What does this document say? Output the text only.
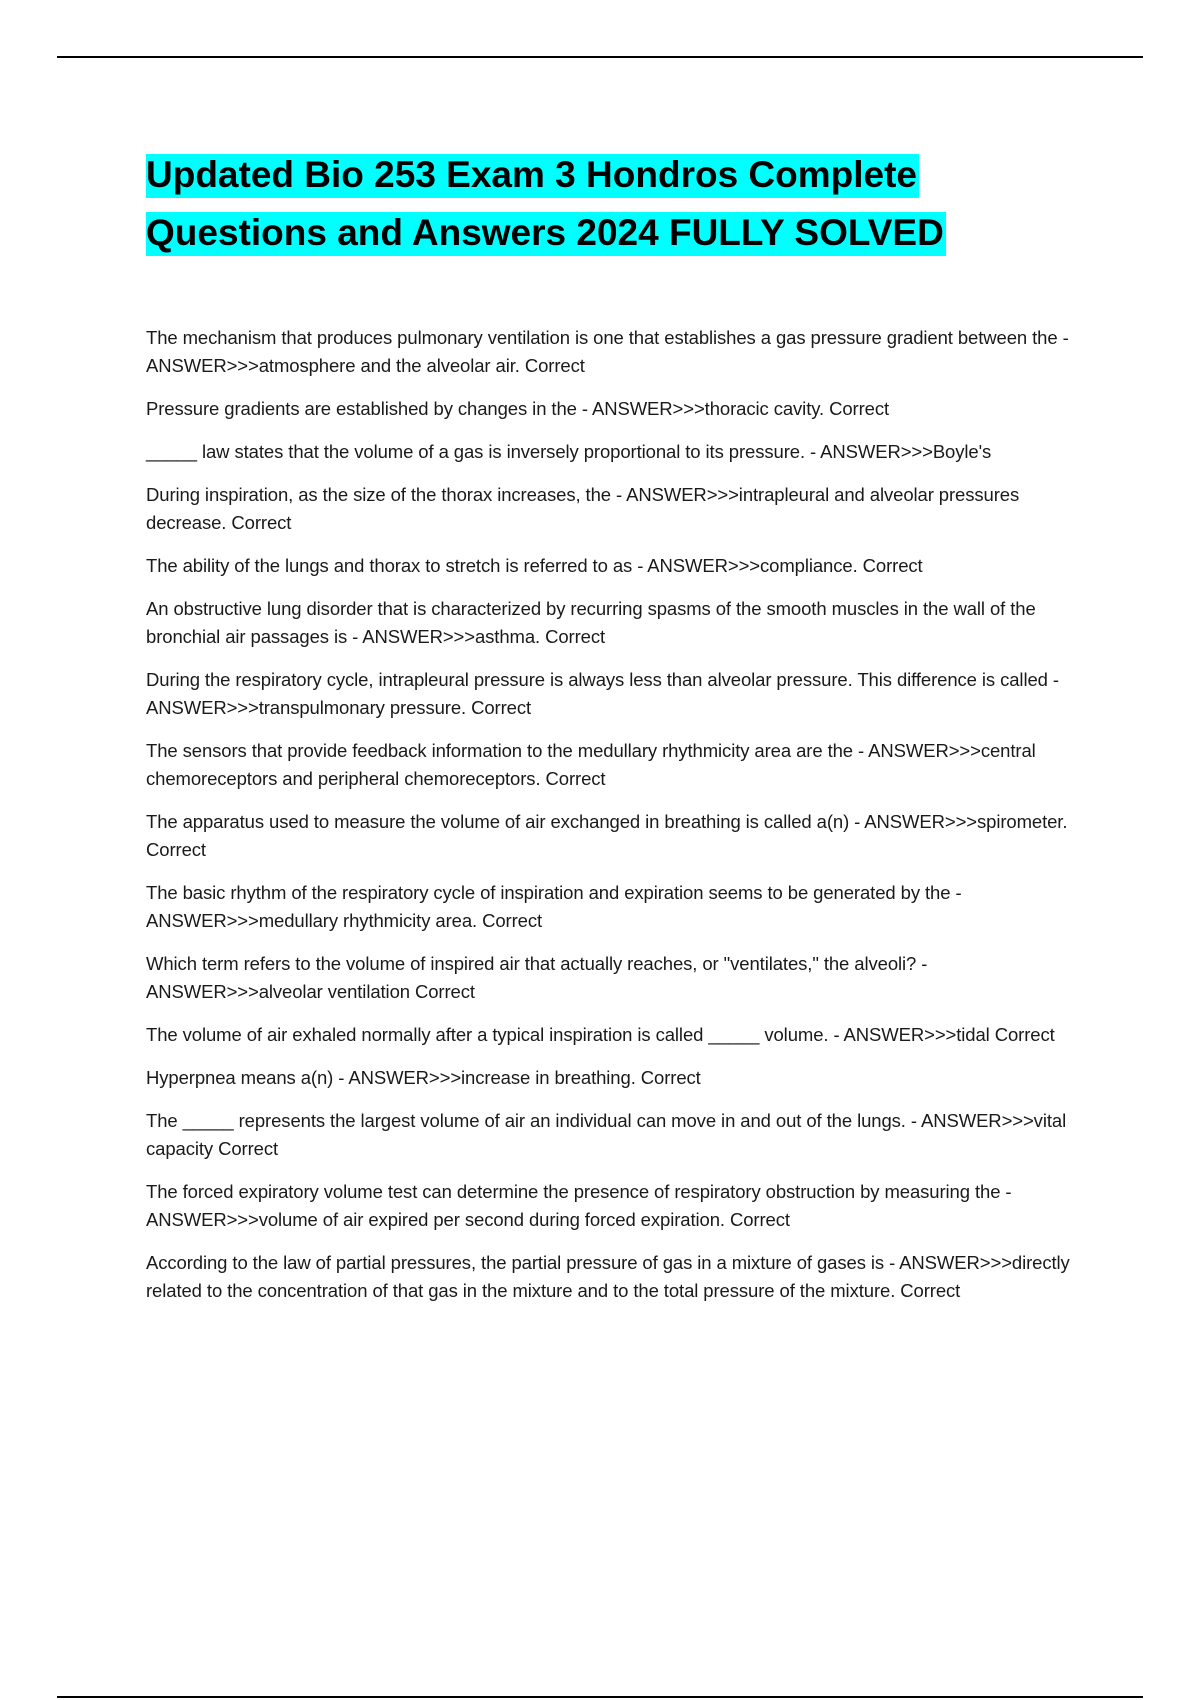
Updated Bio 253 Exam 3 Hondros Complete Questions and Answers 2024 FULLY SOLVED

The mechanism that produces pulmonary ventilation is one that establishes a gas pressure gradient between the - ANSWER>>>atmosphere and the alveolar air. Correct

Pressure gradients are established by changes in the - ANSWER>>>thoracic cavity. Correct

_____ law states that the volume of a gas is inversely proportional to its pressure. - ANSWER>>>Boyle's

During inspiration, as the size of the thorax increases, the - ANSWER>>>intrapleural and alveolar pressures decrease. Correct

The ability of the lungs and thorax to stretch is referred to as - ANSWER>>>compliance. Correct

An obstructive lung disorder that is characterized by recurring spasms of the smooth muscles in the wall of the bronchial air passages is - ANSWER>>>asthma. Correct

During the respiratory cycle, intrapleural pressure is always less than alveolar pressure. This difference is called - ANSWER>>>transpulmonary pressure. Correct

The sensors that provide feedback information to the medullary rhythmicity area are the - ANSWER>>>central chemoreceptors and peripheral chemoreceptors. Correct

The apparatus used to measure the volume of air exchanged in breathing is called a(n) - ANSWER>>>spirometer. Correct

The basic rhythm of the respiratory cycle of inspiration and expiration seems to be generated by the - ANSWER>>>medullary rhythmicity area. Correct

Which term refers to the volume of inspired air that actually reaches, or "ventilates," the alveoli? - ANSWER>>>alveolar ventilation Correct

The volume of air exhaled normally after a typical inspiration is called _____ volume. - ANSWER>>>tidal Correct

Hyperpnea means a(n) - ANSWER>>>increase in breathing. Correct

The _____ represents the largest volume of air an individual can move in and out of the lungs. - ANSWER>>>vital capacity Correct

The forced expiratory volume test can determine the presence of respiratory obstruction by measuring the - ANSWER>>>volume of air expired per second during forced expiration. Correct

According to the law of partial pressures, the partial pressure of gas in a mixture of gases is - ANSWER>>>directly related to the concentration of that gas in the mixture and to the total pressure of the mixture. Correct
